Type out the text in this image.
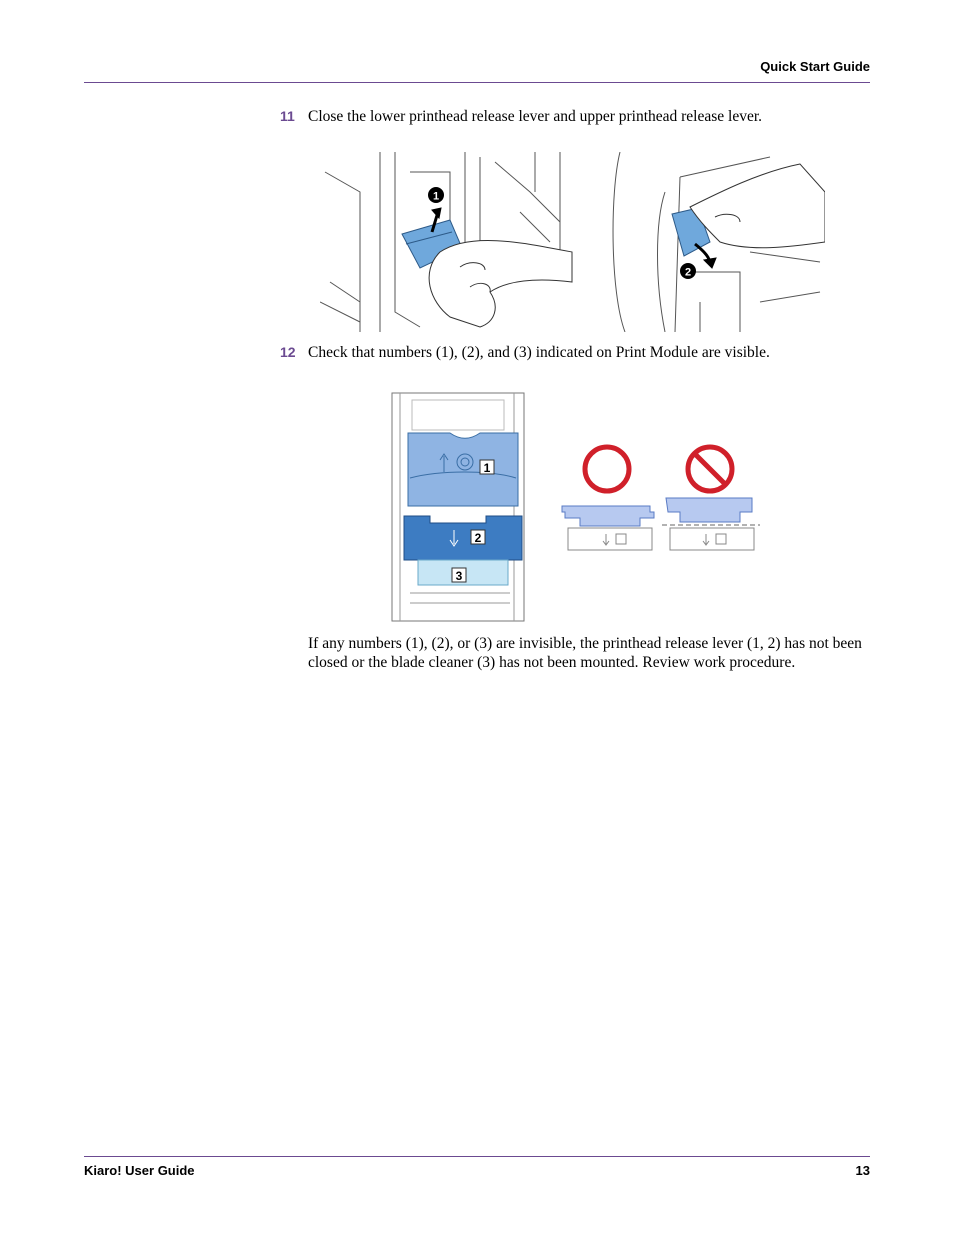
Quick Start Guide
11 Close the lower printhead release lever and upper printhead release lever.
1
2
12 Check that numbers (1), (2), and (3) indicated on Print Module are visible.
1
2
3
If any numbers (1), (2), or (3) are invisible, the printhead release lever (1, 2) has not been closed or the blade cleaner (3) has not been mounted. Review work procedure.
Kiaro! User Guide	13
